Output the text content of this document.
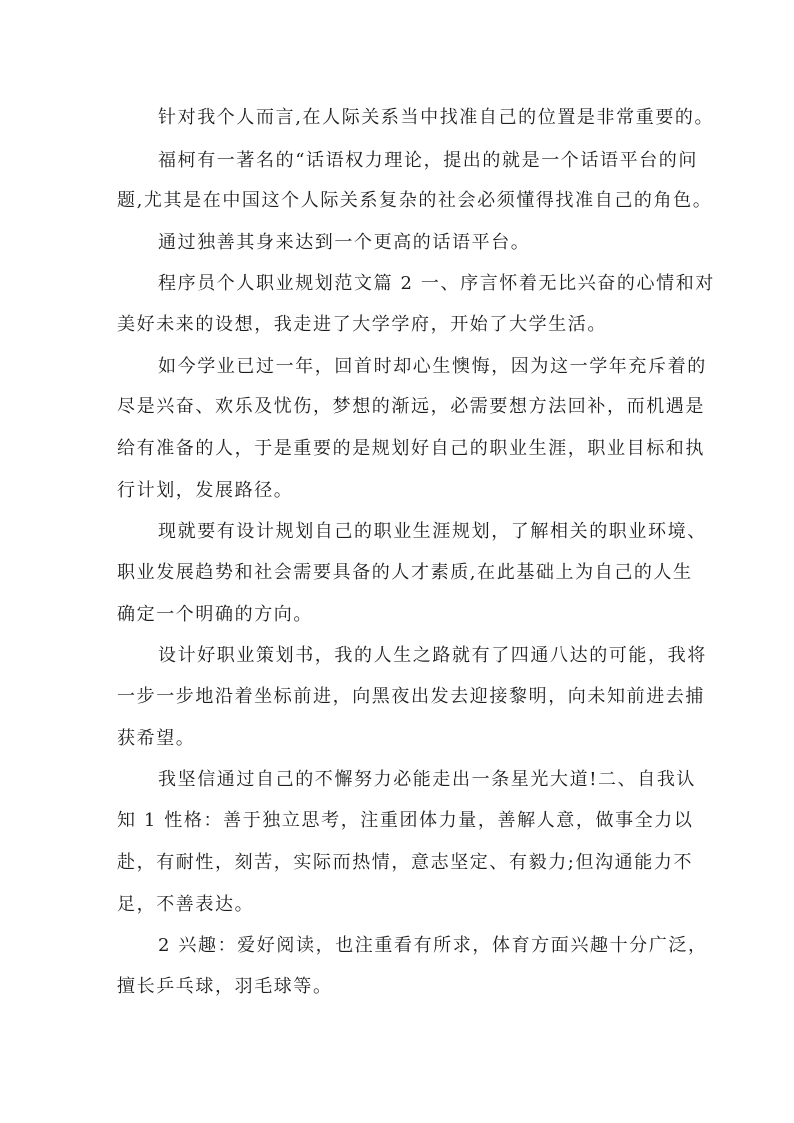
针对我个人而言,在人际关系当中找准自己的位置是非常重要的。
福柯有一著名的“话语权力理论，提出的就是一个话语平台的问
题,尤其是在中国这个人际关系复杂的社会必须懂得找准自己的角色。
通过独善其身来达到一个更高的话语平台。
程序员个人职业规划范文篇 2 一、序言怀着无比兴奋的心情和对
美好未来的设想，我走进了大学学府，开始了大学生活。
如今学业已过一年，回首时却心生懊悔，因为这一学年充斥着的
尽是兴奋、欢乐及忧伤，梦想的渐远，必需要想方法回补，而机遇是
给有准备的人，于是重要的是规划好自己的职业生涯，职业目标和执
行计划，发展路径。
现就要有设计规划自己的职业生涯规划，了解相关的职业环境、
职业发展趋势和社会需要具备的人才素质,在此基础上为自己的人生
确定一个明确的方向。
设计好职业策划书，我的人生之路就有了四通八达的可能，我将
一步一步地沿着坐标前进，向黑夜出发去迎接黎明，向未知前进去捕
获希望。
我坚信通过自己的不懈努力必能走出一条星光大道!二、自我认
知 1 性格：善于独立思考，注重团体力量，善解人意，做事全力以
赴，有耐性，刻苦，实际而热情，意志坚定、有毅力;但沟通能力不
足，不善表达。
2 兴趣：爱好阅读，也注重看有所求，体育方面兴趣十分广泛，
擅长乒乓球，羽毛球等。
